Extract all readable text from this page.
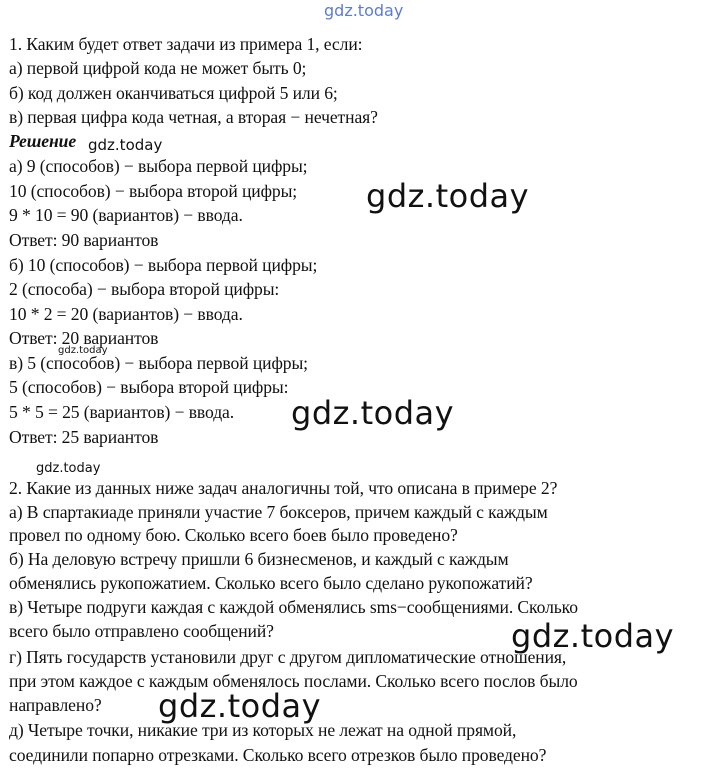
gdz.today
1. Каким будет ответ задачи из примера 1, если:
а) первой цифрой кода не может быть 0;
б) код должен оканчиваться цифрой 5 или 6;
в) первая цифра кода четная, а вторая − нечетная?
Решение
а) 9 (способов) − выбора первой цифры;
10 (способов) − выбора второй цифры;
9 * 10 = 90 (вариантов) − ввода.
Ответ: 90 вариантов
б) 10 (способов) − выбора первой цифры;
2 (способа) − выбора второй цифры:
10 * 2 = 20 (вариантов) − ввода.
Ответ: 20 вариантов
в) 5 (способов) − выбора первой цифры;
5 (способов) − выбора второй цифры:
5 * 5 = 25 (вариантов) − ввода.
Ответ: 25 вариантов
2. Какие из данных ниже задач аналогичны той, что описана в примере 2?
а) В спартакиаде приняли участие 7 боксеров, причем каждый с каждым
провел по одному бою. Сколько всего боев было проведено?
б) На деловую встречу пришли 6 бизнесменов, и каждый с каждым
обменялись рукопожатием. Сколько всего было сделано рукопожатий?
в) Четыре подруги каждая с каждой обменялись sms−сообщениями. Сколько
всего было отправлено сообщений?
г) Пять государств установили друг с другом дипломатические отношения,
при этом каждое с каждым обменялось послами. Сколько всего послов было
направлено?
д) Четыре точки, никакие три из которых не лежат на одной прямой,
соединили попарно отрезками. Сколько всего отрезков было проведено?
gdz.today
gdz.today
gdz.today
gdz.today
gdz.today
gdz.today
gdz.today
